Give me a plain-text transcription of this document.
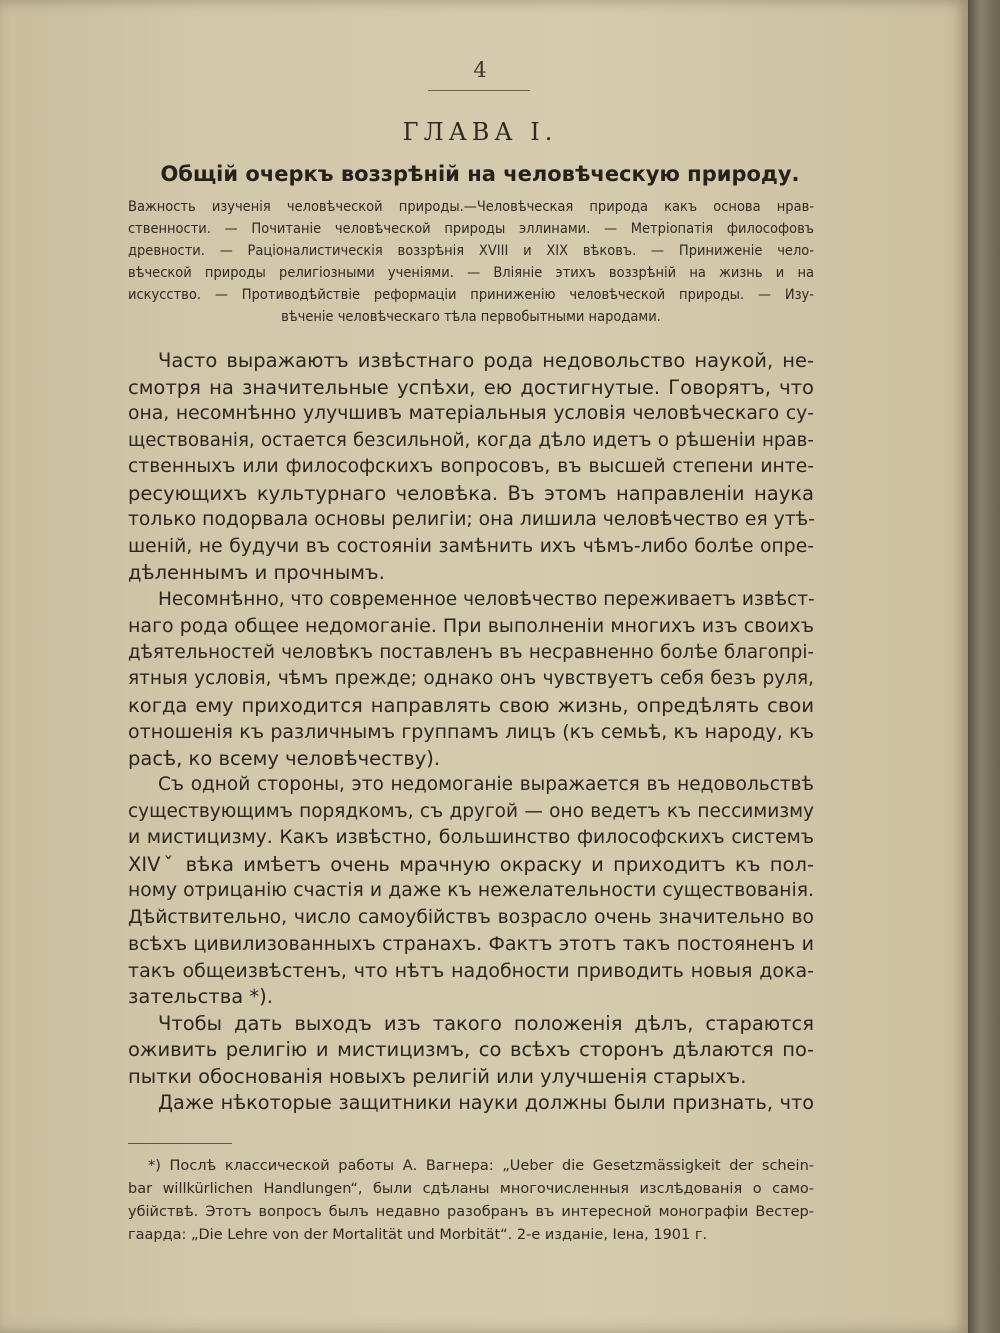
4
ГЛАВА I.
Общій очеркъ воззрѣній на человѣческую природу.
Важность изученія человѣческой природы.—Человѣческая природа какъ основа нрав-
ственности. — Почитаніе человѣческой природы эллинами. — Метріопатія философовъ
древности. — Раціоналистическія воззрѣнія XVIII и XIX вѣковъ. — Приниженіе чело-
вѣческой природы религіозными ученіями. — Вліяніе этихъ воззрѣній на жизнь и на
искусство. — Противодѣйствіе реформаціи приниженію человѣческой природы. — Изу-
вѣченіе человѣческаго тѣла первобытными народами.
Часто выражаютъ извѣстнаго рода недовольство наукой, не-
смотря на значительные успѣхи, ею достигнутые. Говорятъ, что
она, несомнѣнно улучшивъ матеріальныя условія человѣческаго су-
ществованія, остается безсильной, когда дѣло идетъ о рѣшеніи нрав-
ственныхъ или философскихъ вопросовъ, въ высшей степени инте-
ресующихъ культурнаго человѣка. Въ этомъ направленіи наука
только подорвала основы религіи; она лишила человѣчество ея утѣ-
шеній, не будучи въ состояніи замѣнить ихъ чѣмъ-либо болѣе опре-
дѣленнымъ и прочнымъ.
Несомнѣнно, что современное человѣчество переживаетъ извѣст-
наго рода общее недомоганіе. При выполненіи многихъ изъ своихъ
дѣятельностей человѣкъ поставленъ въ несравненно болѣе благопрі-
ятныя условія, чѣмъ прежде; однако онъ чувствуетъ себя безъ руля,
когда ему приходится направлять свою жизнь, опредѣлять свои
отношенія къ различнымъ группамъ лицъ (къ семьѣ, къ народу, къ
расѣ, ко всему человѣчеству).
Съ одной стороны, это недомоганіе выражается въ недовольствѣ
существующимъ порядкомъ, съ другой — оно ведетъ къ пессимизму
и мистицизму. Какъ извѣстно, большинство философскихъ системъ
XIVˇ вѣка имѣетъ очень мрачную окраску и приходитъ къ пол-
ному отрицанію счастія и даже къ нежелательности существованія.
Дѣйствительно, число самоубійствъ возрасло очень значительно во
всѣхъ цивилизованныхъ странахъ. Фактъ этотъ такъ постояненъ и
такъ общеизвѣстенъ, что нѣтъ надобности приводить новыя дока-
зательства *).
Чтобы дать выходъ изъ такого положенія дѣлъ, стараются
оживить религію и мистицизмъ, со всѣхъ сторонъ дѣлаются по-
пытки обоснованія новыхъ религій или улучшенія старыхъ.
Даже нѣкоторые защитники науки должны были признать, что
*) Послѣ классической работы А. Вагнера: „Ueber die Gesetzmässigkeit der schein-
bar willkürlichen Handlungen“, были сдѣланы многочисленныя изслѣдованія о само-
убійствѣ. Этотъ вопросъ былъ недавно разобранъ въ интересной монографіи Вестер-
гаарда: „Die Lehre von der Mortalität und Morbität“. 2-е изданіе, Іена, 1901 г.
